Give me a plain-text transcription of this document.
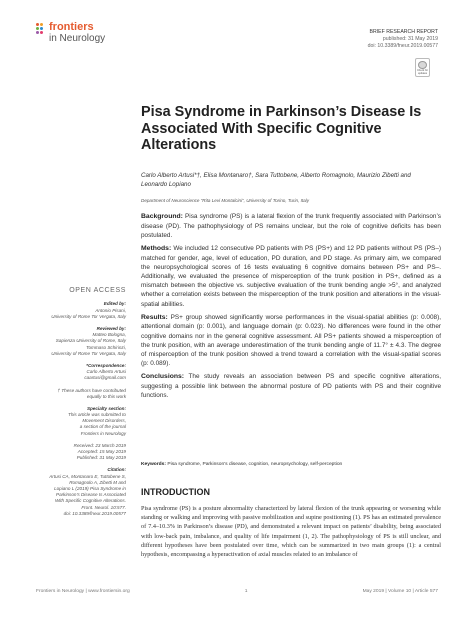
frontiers
in Neurology
BRIEF RESEARCH REPORT
published: 31 May 2019
doi: 10.3389/fneur.2019.00577
Check for updates
Pisa Syndrome in Parkinson’s Disease Is Associated With Specific Cognitive Alterations
Carlo Alberto Artusi*†, Elisa Montanaro†, Sara Tuttobene, Alberto Romagnolo, Maurizio Zibetti and Leonardo Lopiano
Department of Neuroscience “Rita Levi Montalcini”, University of Torino, Turin, Italy

Background: Pisa syndrome (PS) is a lateral flexion of the trunk frequently associated with Parkinson’s disease (PD). The pathophysiology of PS remains unclear, but the role of cognitive deficits has been postulated.

Methods: We included 12 consecutive PD patients with PS (PS+) and 12 PD patients without PS (PS–) matched for gender, age, level of education, PD duration, and PD stage. As primary aim, we compared the neuropsychological scores of 16 tests evaluating 6 cognitive domains between PS+ and PS–. Additionally, we evaluated the presence of misperception of the trunk position in PS+, defined as a mismatch between the objective vs. subjective evaluation of the trunk bending angle >5°, and analyzed whether a correlation exists between the misperception of the trunk position and alterations in the visual-spatial abilities.

Results: PS+ group showed significantly worse performances in the visual-spatial abilities (p: 0.008), attentional domain (p: 0.001), and language domain (p: 0.023). No differences were found in the other cognitive domains nor in the general cognitive assessment. All PS+ patients showed a misperception of the trunk position, with an average underestimation of the trunk bending angle of 11.7° ± 4.3. The degree of misperception of the trunk position showed a trend toward a correlation with the visual-spatial scores (p: 0.089).

Conclusions: The study reveals an association between PS and specific cognitive alterations, suggesting a possible link between the abnormal posture of PD patients with PS and their cognitive functions.

Keywords: Pisa syndrome, Parkinson’s disease, cognition, neuropsychology, self-perception
INTRODUCTION
Pisa syndrome (PS) is a posture abnormality characterized by lateral flexion of the trunk appearing or worsening while standing or walking and improving with passive mobilization and supine positioning (1). PS has an estimated prevalence of 7.4–10.3% in Parkinson’s disease (PD), and demonstrated a relevant impact on patients’ disability, being associated with low-back pain, imbalance, and quality of life impairment (1, 2). The pathophysiology of PS is still unclear, and different hypotheses have been postulated over time, which can be summarized in two main groups (1): a central hypothesis, encompassing a hyperactivation of axial muscles related to an imbalance of
OPEN ACCESS
Edited by:
Antonio Pisani,
University of Rome Tor Vergata, Italy
Reviewed by:
Matteo Bologna,
Sapienza University of Rome, Italy
Tommaso Schirinzi,
University of Rome Tor Vergata, Italy
*Correspondence:
Carlo Alberto Artusi
caartusi@gmail.com
† These authors have contributed
equally to this work
Specialty section:
This article was submitted to
Movement Disorders,
a section of the journal
Frontiers in Neurology
Received: 23 March 2019
Accepted: 15 May 2019
Published: 31 May 2019
Citation:
Artusi CA, Montanaro E, Tuttobene S,
Romagnolo A, Zibetti M and
Lopiano L (2019) Pisa Syndrome in
Parkinson’s Disease Is Associated
With Specific Cognitive Alterations.
Front. Neurol. 10:577.
doi: 10.3389/fneur.2019.00577
Frontiers in Neurology | www.frontiersin.org	1	May 2019 | Volume 10 | Article 577
